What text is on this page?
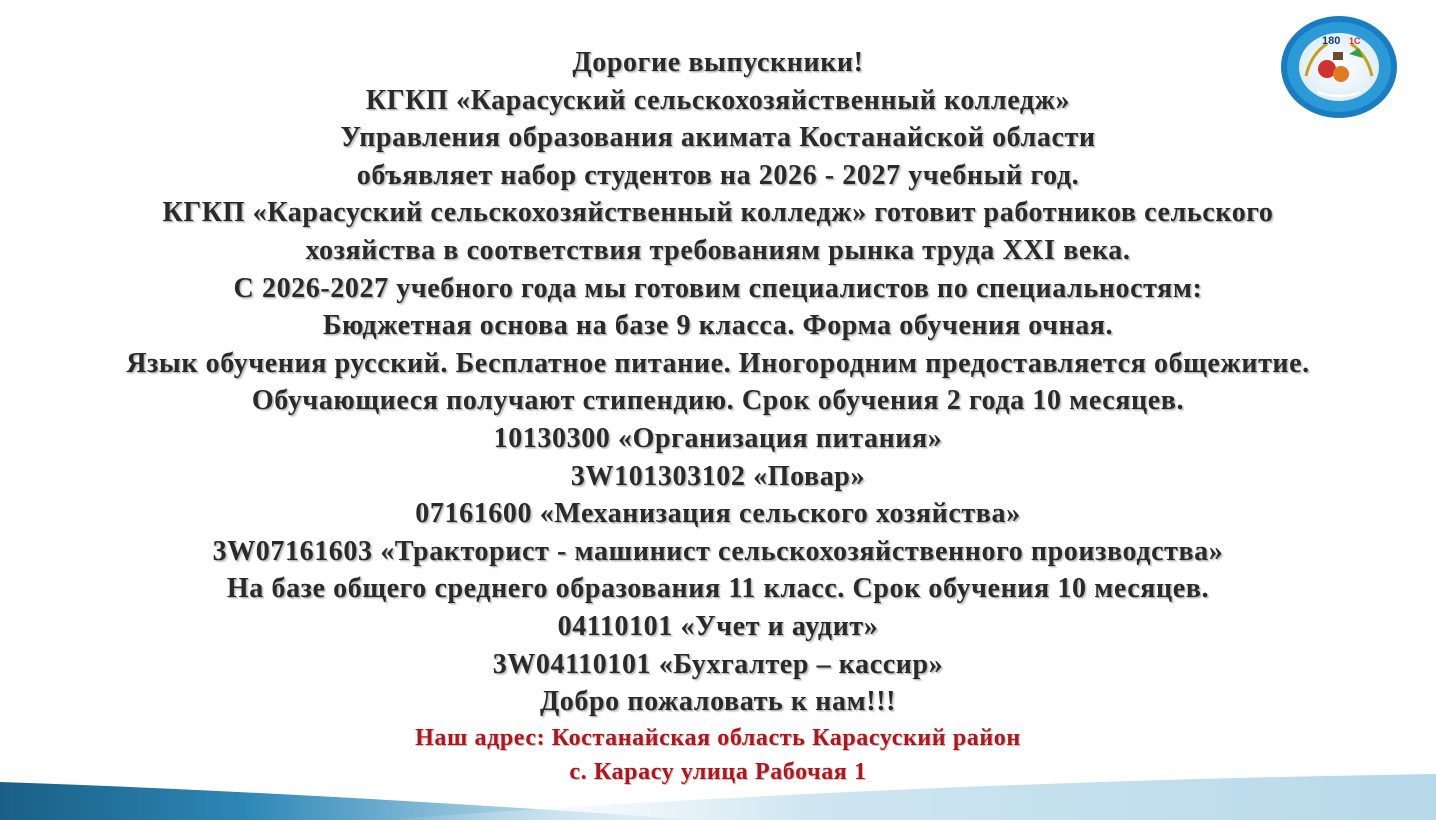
Дорогие выпускники!
КГКП «Карасуский сельскохозяйственный колледж»
Управления образования акимата Костанайской области
объявляет набор студентов на 2026 - 2027 учебный год.
КГКП «Карасуский сельскохозяйственный колледж» готовит работников сельского
хозяйства в соответствия требованиям рынка труда XXI века.
С 2026-2027 учебного года мы готовим специалистов по специальностям:
Бюджетная основа на базе 9 класса. Форма обучения очная.
Язык обучения русский. Бесплатное питание. Иногородним предоставляется общежитие.
Обучающиеся получают стипендию. Срок обучения 2 года 10 месяцев.
10130300 «Организация питания»
3W101303102 «Повар»
07161600 «Механизация сельского хозяйства»
3W07161603 «Тракторист - машинист сельскохозяйственного производства»
На базе общего среднего образования 11 класс. Срок обучения 10 месяцев.
04110101 «Учет и аудит»
3W04110101 «Бухгалтер – кассир»
Добро пожаловать к нам!!!
Наш адрес: Костанайская область Карасуский район
с. Карасу улица Рабочая 1
180 1С
